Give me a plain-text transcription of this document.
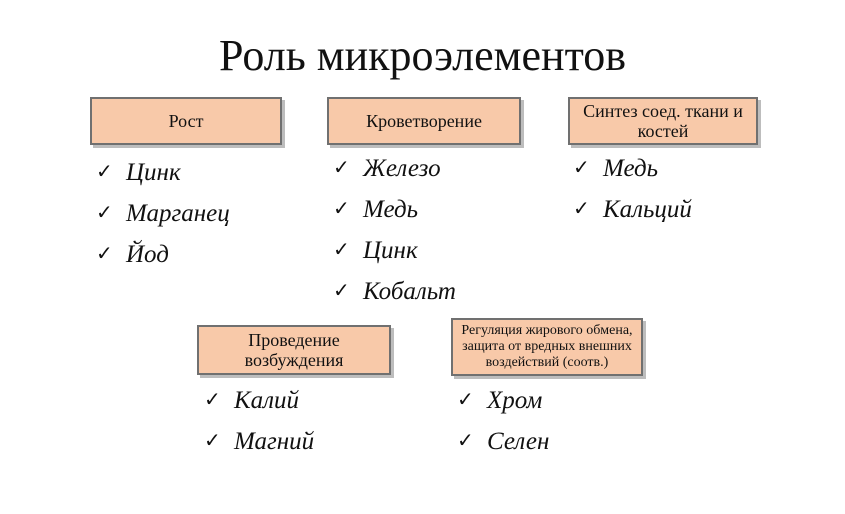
Роль микроэлементов
Рост
✓ Цинк
✓ Марганец
✓ Йод
Кроветворение
✓ Железо
✓ Медь
✓ Цинк
✓ Кобальт
Синтез соед. ткани и костей
✓ Медь
✓ Кальций
Проведение возбуждения
✓ Калий
✓ Магний
Регуляция жирового обмена, защита от вредных внешних воздействий (соотв.)
✓ Хром
✓ Селен
